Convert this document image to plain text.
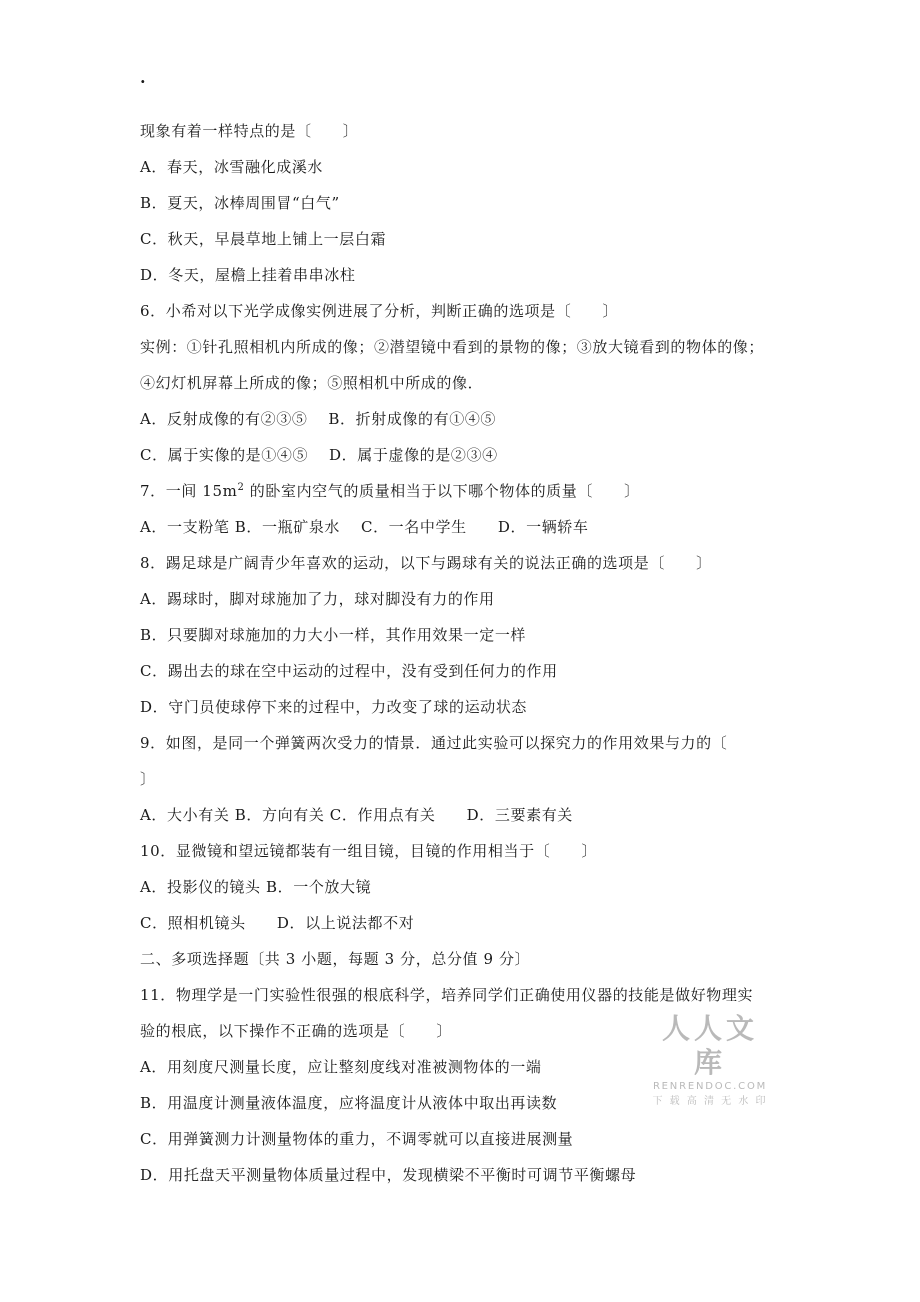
·
现象有着一样特点的是〔　　〕
A．春天，冰雪融化成溪水
B．夏天，冰棒周围冒“白气”
C．秋天，早晨草地上铺上一层白霜
D．冬天，屋檐上挂着串串冰柱
6．小希对以下光学成像实例进展了分析，判断正确的选项是〔　　〕
实例：①针孔照相机内所成的像；②潜望镜中看到的景物的像；③放大镜看到的物体的像；
④幻灯机屏幕上所成的像；⑤照相机中所成的像．
A．反射成像的有②③⑤　 B．折射成像的有①④⑤
C．属于实像的是①④⑤　 D．属于虚像的是②③④
7．一间 $15m^2$ 的卧室内空气的质量相当于以下哪个物体的质量〔　　〕
A．一支粉笔 B．一瓶矿泉水　 C．一名中学生　　D．一辆轿车
8．踢足球是广阔青少年喜欢的运动，以下与踢球有关的说法正确的选项是〔　　〕
A．踢球时，脚对球施加了力，球对脚没有力的作用
B．只要脚对球施加的力大小一样，其作用效果一定一样
C．踢出去的球在空中运动的过程中，没有受到任何力的作用
D．守门员使球停下来的过程中，力改变了球的运动状态
9．如图，是同一个弹簧两次受力的情景．通过此实验可以探究力的作用效果与力的〔
〕
A．大小有关 B．方向有关 C．作用点有关　　D．三要素有关
10．显微镜和望远镜都装有一组目镜，目镜的作用相当于〔　　〕
A．投影仪的镜头 B．一个放大镜
C．照相机镜头　　D．以上说法都不对
二、多项选择题〔共 3 小题，每题 3 分，总分值 9 分〕
11．物理学是一门实验性很强的根底科学，培养同学们正确使用仪器的技能是做好物理实
验的根底，以下操作不正确的选项是〔　　〕
A．用刻度尺测量长度，应让整刻度线对准被测物体的一端
B．用温度计测量液体温度，应将温度计从液体中取出再读数
C．用弹簧测力计测量物体的重力，不调零就可以直接进展测量
D．用托盘天平测量物体质量过程中，发现横梁不平衡时可调节平衡螺母
人人文库
RENRENDOC.COM
下 载 高 清 无 水 印
